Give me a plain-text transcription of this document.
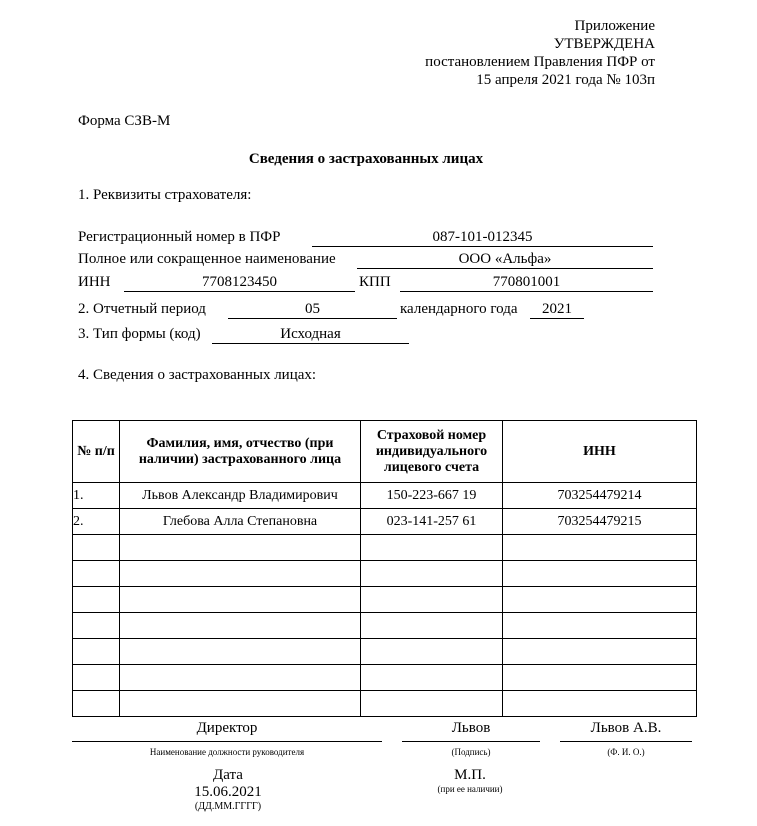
Приложение
УТВЕРЖДЕНА
постановлением Правления ПФР от
15 апреля 2021 года № 103п
Форма СЗВ-М
Сведения о застрахованных лицах
1. Реквизиты страхователя:
Регистрационный номер в ПФР	087-101-012345
Полное или сокращенное наименование	ООО «Альфа»
ИНН	7708123450	КПП	770801001
2. Отчетный период	05	календарного года	2021
3. Тип формы (код)	Исходная
4. Сведения о застрахованных лицах:
№ п/п	Фамилия, имя, отчество (при наличии) застрахованного лица	Страховой номер индивидуального лицевого счета	ИНН
1.	Львов Александр Владимирович	150-223-667 19	703254479214
2.	Глебова Алла Степановна	023-141-257 61	703254479215

Директор
Наименование должности руководителя
Львов
(Подпись)
Львов А.В.
(Ф. И. О.)
Дата
15.06.2021
(ДД.ММ.ГГГГ)
М.П.
(при ее наличии)
